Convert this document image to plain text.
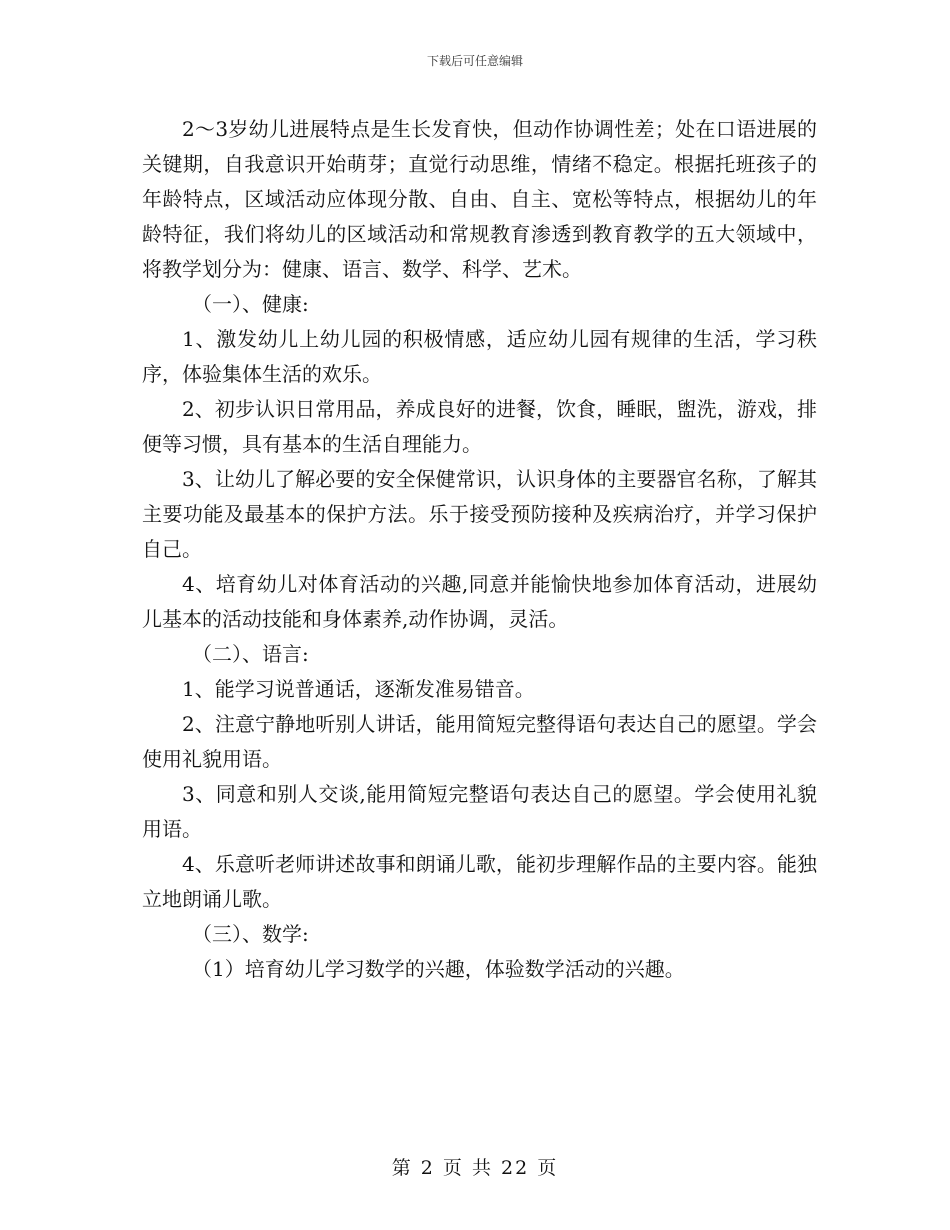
下载后可任意编辑

2～3岁幼儿进展特点是生长发育快，但动作协调性差；处在口语进展的关键期，自我意识开始萌芽；直觉行动思维，情绪不稳定。根据托班孩子的年龄特点，区域活动应体现分散、自由、自主、宽松等特点，根据幼儿的年龄特征，我们将幼儿的区域活动和常规教育渗透到教育教学的五大领域中，将教学划分为：健康、语言、数学、科学、艺术。

（一）、健康:

1、激发幼儿上幼儿园的积极情感，适应幼儿园有规律的生活，学习秩序，体验集体生活的欢乐。

2、初步认识日常用品，养成良好的进餐，饮食，睡眠，盥洗，游戏，排便等习惯，具有基本的生活自理能力。

3、让幼儿了解必要的安全保健常识，认识身体的主要器官名称，了解其主要功能及最基本的保护方法。乐于接受预防接种及疾病治疗，并学习保护自己。

4、培育幼儿对体育活动的兴趣,同意并能愉快地参加体育活动，进展幼儿基本的活动技能和身体素养,动作协调，灵活。

（二）、语言:

1、能学习说普通话，逐渐发准易错音。

2、注意宁静地听别人讲话，能用简短完整得语句表达自己的愿望。学会使用礼貌用语。

3、同意和别人交谈,能用简短完整语句表达自己的愿望。学会使用礼貌用语。

4、乐意听老师讲述故事和朗诵儿歌，能初步理解作品的主要内容。能独立地朗诵儿歌。

（三）、数学:

（1）培育幼儿学习数学的兴趣，体验数学活动的兴趣。

第 2 页 共 22 页
